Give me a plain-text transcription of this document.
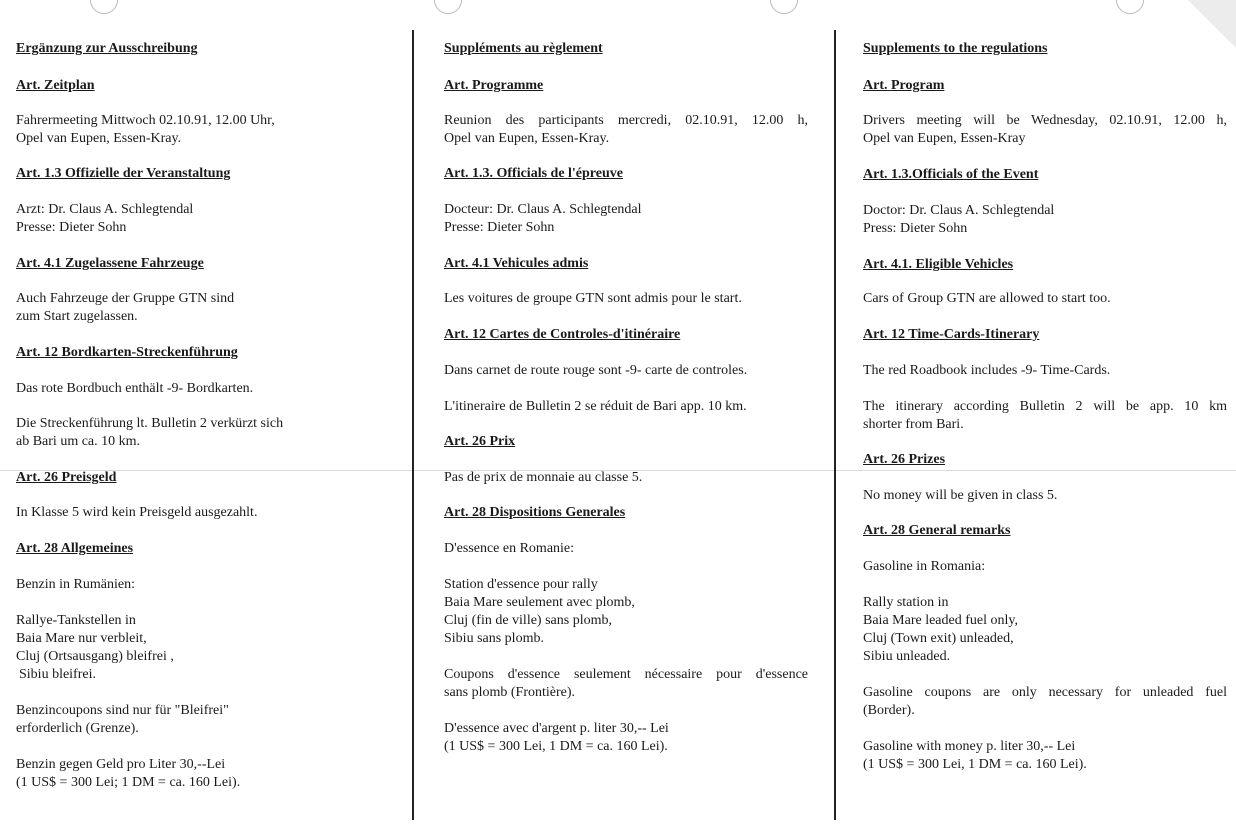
Ergänzung zur Ausschreibung
Art. Zeitplan
Fahrermeeting Mittwoch 02.10.91, 12.00 Uhr,
Opel van Eupen, Essen-Kray.
Art. 1.3 Offizielle der Veranstaltung
Arzt: Dr. Claus A. Schlegtendal
Presse: Dieter Sohn
Art. 4.1 Zugelassene Fahrzeuge
Auch Fahrzeuge der Gruppe GTN sind
zum Start zugelassen.
Art. 12 Bordkarten-Streckenführung
Das rote Bordbuch enthält -9- Bordkarten.
Die Streckenführung lt. Bulletin 2 verkürzt sich
ab Bari um ca. 10 km.
Art. 26 Preisgeld
In Klasse 5 wird kein Preisgeld ausgezahlt.
Art. 28 Allgemeines
Benzin in Rumänien:
Rallye-Tankstellen in
Baia Mare nur verbleit,
Cluj (Ortsausgang) bleifrei ,
Sibiu bleifrei.
Benzincoupons sind nur für "Bleifrei"
erforderlich (Grenze).
Benzin gegen Geld pro Liter 30,--Lei
(1 US$ = 300 Lei; 1 DM = ca. 160 Lei).
Suppléments au règlement
Art. Programme
Reunion des participants mercredi, 02.10.91, 12.00 h,
Opel van Eupen, Essen-Kray.
Art. 1.3. Officials de l'épreuve
Docteur: Dr. Claus A. Schlegtendal
Presse: Dieter Sohn
Art. 4.1 Vehicules admis
Les voitures de groupe GTN sont admis pour le start.
Art. 12 Cartes de Controles-d'itinéraire
Dans carnet de route rouge sont -9- carte de controles.
L'itineraire de Bulletin 2 se réduit de Bari app. 10 km.
Art. 26 Prix
Pas de prix de monnaie au classe 5.
Art. 28 Dispositions Generales
D'essence en Romanie:
Station d'essence pour rally
Baia Mare seulement avec plomb,
Cluj (fin de ville) sans plomb,
Sibiu sans plomb.
Coupons d'essence seulement nécessaire pour d'essence
sans plomb (Frontière).
D'essence avec d'argent p. liter 30,-- Lei
(1 US$ = 300 Lei, 1 DM = ca. 160 Lei).
Supplements to the regulations
Art. Program
Drivers meeting will be Wednesday, 02.10.91, 12.00 h,
Opel van Eupen, Essen-Kray
Art. 1.3.Officials of the Event
Doctor: Dr. Claus A. Schlegtendal
Press: Dieter Sohn
Art. 4.1. Eligible Vehicles
Cars of Group GTN are allowed to start too.
Art. 12 Time-Cards-Itinerary
The red Roadbook includes -9- Time-Cards.
The itinerary according Bulletin 2 will be app. 10 km
shorter from Bari.
Art. 26 Prizes
No money will be given in class 5.
Art. 28 General remarks
Gasoline in Romania:
Rally station in
Baia Mare leaded fuel only,
Cluj (Town exit) unleaded,
Sibiu unleaded.
Gasoline coupons are only necessary for unleaded fuel
(Border).
Gasoline with money p. liter 30,-- Lei
(1 US$ = 300 Lei, 1 DM = ca. 160 Lei).
